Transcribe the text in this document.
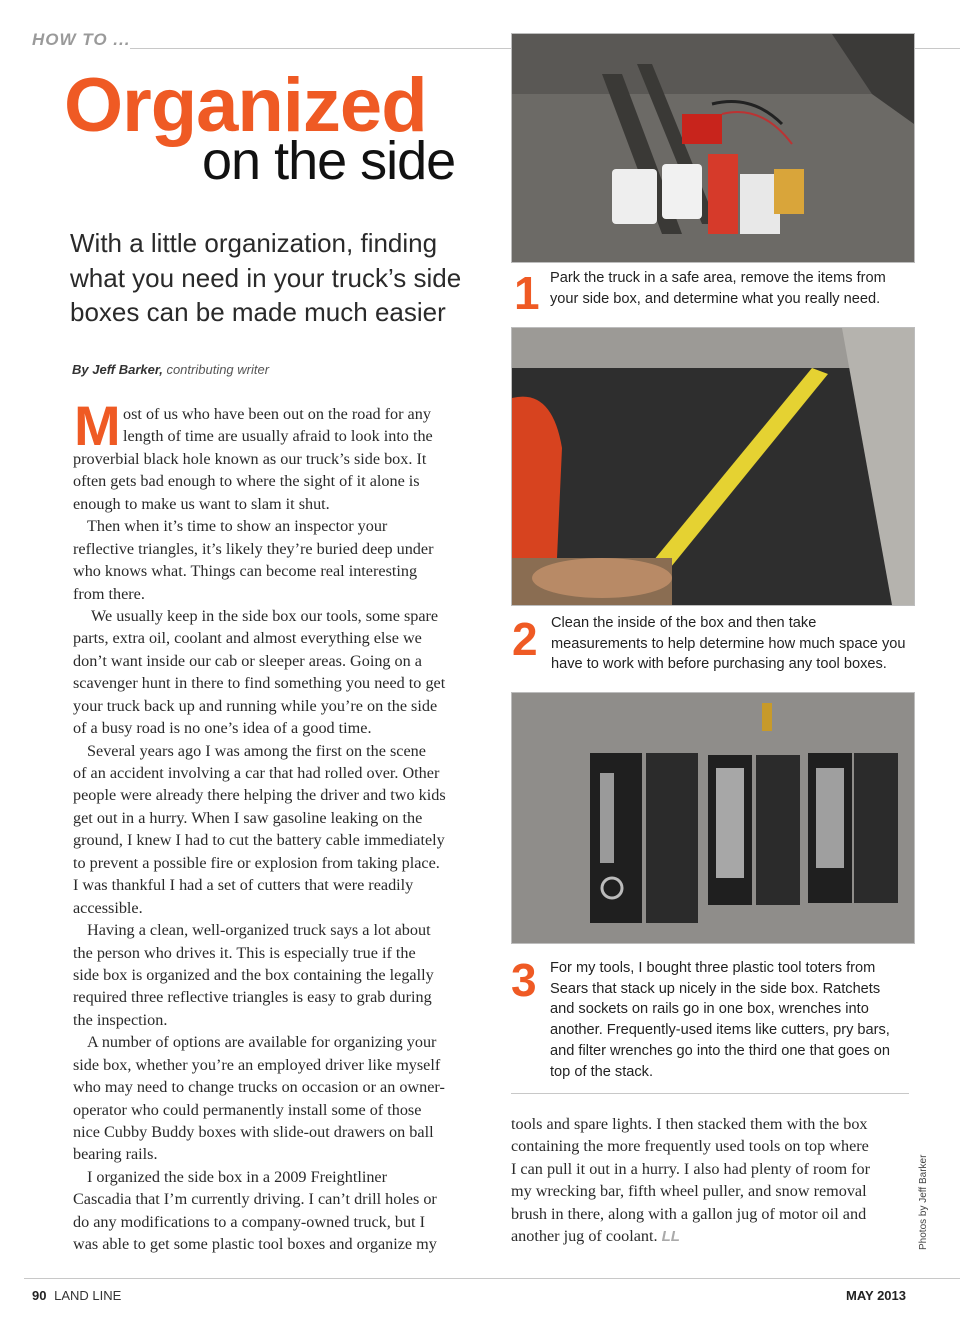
HOW TO ...
Organized
on the side
With a little organization, finding
what you need in your truck’s side
boxes can be made much easier
By Jeff Barker, contributing writer
M ost of us who have been out on the road for any
length of time are usually afraid to look into the
proverbial black hole known as our truck’s side box. It
often gets bad enough to where the sight of it alone is
enough to make us want to slam it shut.
Then when it’s time to show an inspector your
reflective triangles, it’s likely they’re buried deep under
who knows what. Things can become real interesting
from there.
We usually keep in the side box our tools, some spare
parts, extra oil, coolant and almost everything else we
don’t want inside our cab or sleeper areas. Going on a
scavenger hunt in there to find something you need to get
your truck back up and running while you’re on the side
of a busy road is no one’s idea of a good time.
Several years ago I was among the first on the scene
of an accident involving a car that had rolled over. Other
people were already there helping the driver and two kids
get out in a hurry. When I saw gasoline leaking on the
ground, I knew I had to cut the battery cable immediately
to prevent a possible fire or explosion from taking place.
I was thankful I had a set of cutters that were readily
accessible.
Having a clean, well-organized truck says a lot about
the person who drives it. This is especially true if the
side box is organized and the box containing the legally
required three reflective triangles is easy to grab during
the inspection.
A number of options are available for organizing your
side box, whether you’re an employed driver like myself
who may need to change trucks on occasion or an owner-
operator who could permanently install some of those
nice Cubby Buddy boxes with slide-out drawers on ball
bearing rails.
I organized the side box in a 2009 Freightliner
Cascadia that I’m currently driving. I can’t drill holes or
do any modifications to a company-owned truck, but I
was able to get some plastic tool boxes and organize my
1 Park the truck in a safe area, remove the items from
your side box, and determine what you really need.
2 Clean the inside of the box and then take
measurements to help determine how much space you
have to work with before purchasing any tool boxes.
3 For my tools, I bought three plastic tool toters from
Sears that stack up nicely in the side box. Ratchets
and sockets on rails go in one box, wrenches into
another. Frequently-used items like cutters, pry bars,
and filter wrenches go into the third one that goes on
top of the stack.
tools and spare lights. I then stacked them with the box
containing the more frequently used tools on top where
I can pull it out in a hurry. I also had plenty of room for
my wrecking bar, fifth wheel puller, and snow removal
brush in there, along with a gallon jug of motor oil and
another jug of coolant. LL	Photos by Jeff Barker
90 LAND LINE	MAY 2013
